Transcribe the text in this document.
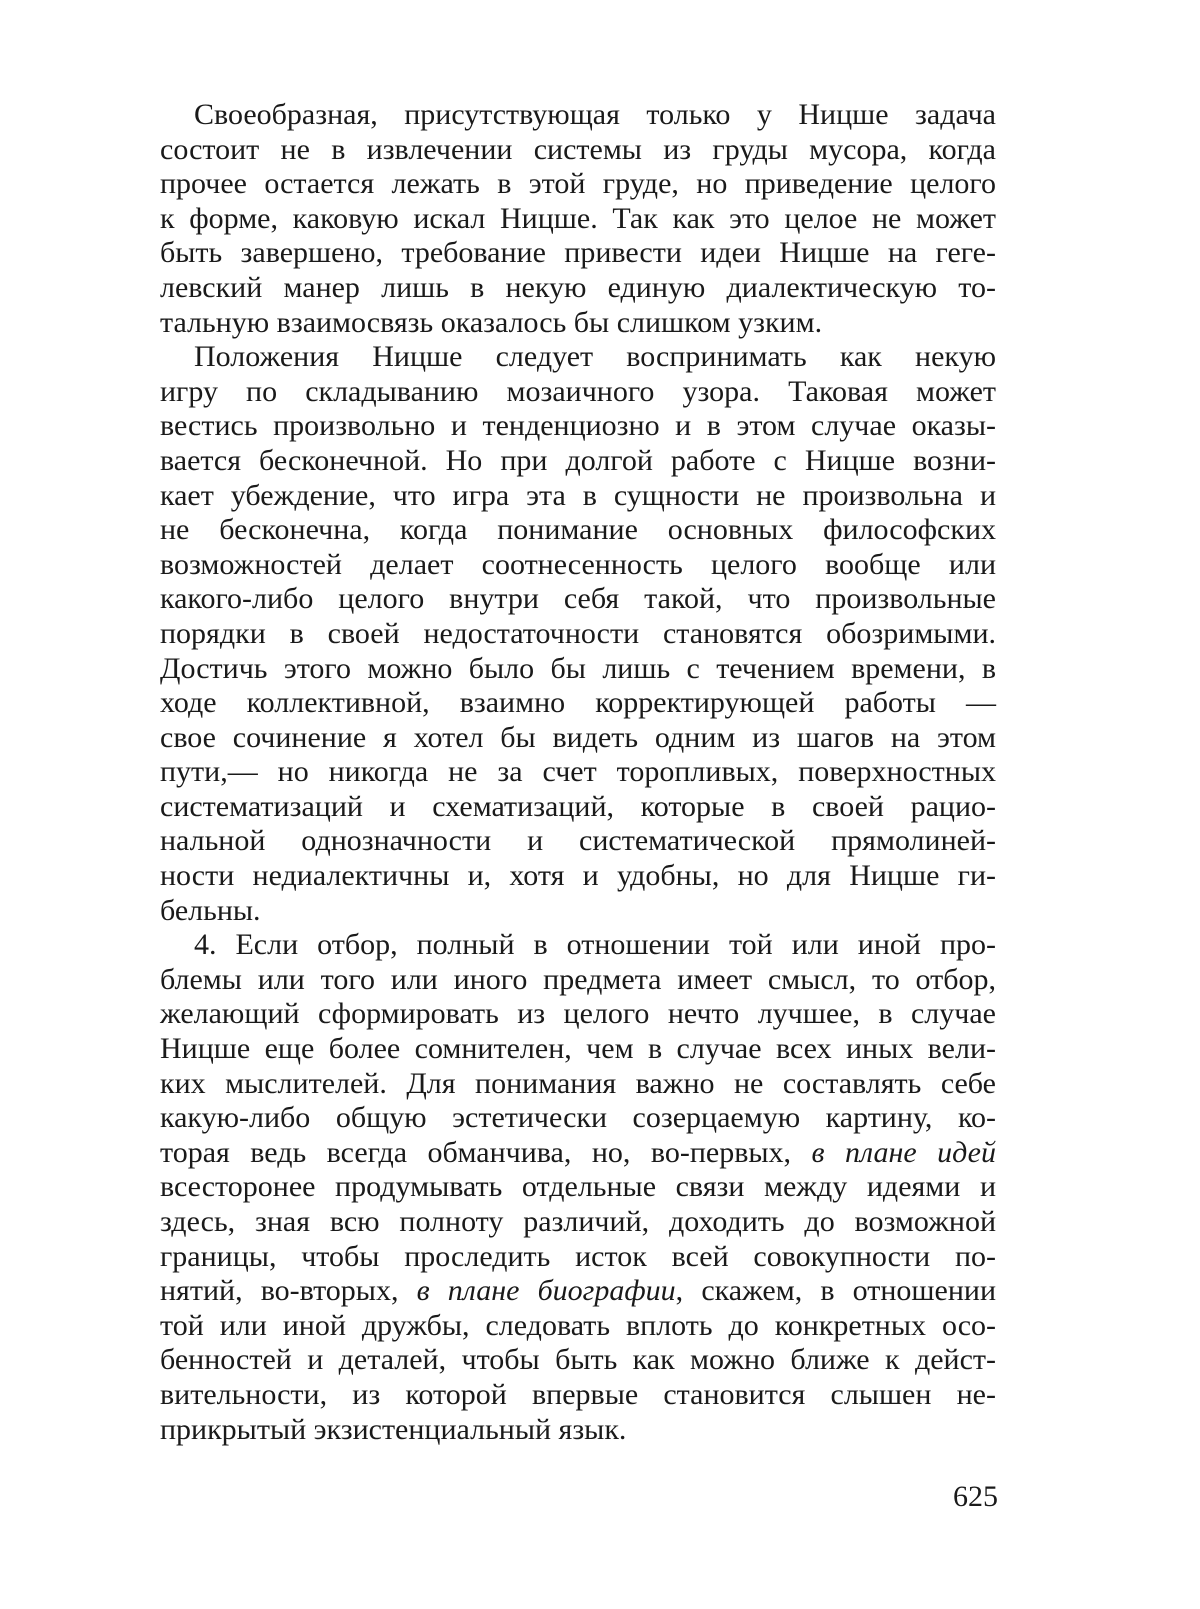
Своеобразная, присутствующая только у Ницше задача
состоит не в извлечении системы из груды мусора, когда
прочее остается лежать в этой груде, но приведение целого
к форме, каковую искал Ницше. Так как это целое не может
быть завершено, требование привести идеи Ницше на геге-
левский манер лишь в некую единую диалектическую то-
тальную взаимосвязь оказалось бы слишком узким.
Положения Ницше следует воспринимать как некую
игру по складыванию мозаичного узора. Таковая может
вестись произвольно и тенденциозно и в этом случае оказы-
вается бесконечной. Но при долгой работе с Ницше возни-
кает убеждение, что игра эта в сущности не произвольна и
не бесконечна, когда понимание основных философских
возможностей делает соотнесенность целого вообще или
какого-либо целого внутри себя такой, что произвольные
порядки в своей недостаточности становятся обозримыми.
Достичь этого можно было бы лишь с течением времени, в
ходе коллективной, взаимно корректирующей работы —
свое сочинение я хотел бы видеть одним из шагов на этом
пути,— но никогда не за счет торопливых, поверхностных
систематизаций и схематизаций, которые в своей рацио-
нальной однозначности и систематической прямолиней-
ности недиалектичны и, хотя и удобны, но для Ницше ги-
бельны.
4. Если отбор, полный в отношении той или иной про-
блемы или того или иного предмета имеет смысл, то отбор,
желающий сформировать из целого нечто лучшее, в случае
Ницше еще более сомнителен, чем в случае всех иных вели-
ких мыслителей. Для понимания важно не составлять себе
какую-либо общую эстетически созерцаемую картину, ко-
торая ведь всегда обманчива, но, во-первых, в плане идей
всесторонее продумывать отдельные связи между идеями и
здесь, зная всю полноту различий, доходить до возможной
границы, чтобы проследить исток всей совокупности по-
нятий, во-вторых, в плане биографии, скажем, в отношении
той или иной дружбы, следовать вплоть до конкретных осо-
бенностей и деталей, чтобы быть как можно ближе к дейст-
вительности, из которой впервые становится слышен не-
прикрытый экзистенциальный язык.
625
